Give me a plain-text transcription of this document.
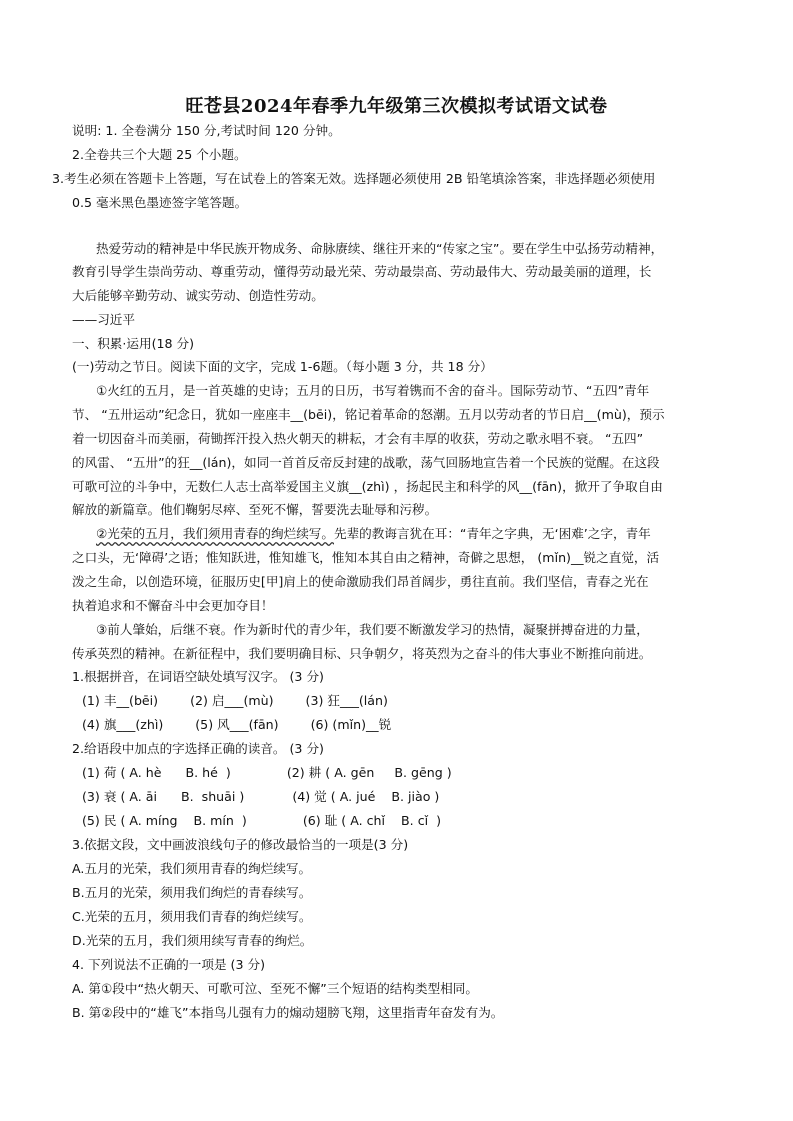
旺苍县2024年春季九年级第三次模拟考试语文试卷
说明: 1. 全卷满分 150 分,考试时间 120 分钟。
2.全卷共三个大题 25 个小题。
3.考生必须在答题卡上答题，写在试卷上的答案无效。选择题必须使用 2B 铅笔填涂答案，非选择题必须使用
0.5 毫米黑色墨迹签字笔答题。
热爱劳动的精神是中华民族开物成务、命脉赓续、继往开来的“传家之宝”。要在学生中弘扬劳动精神，
教育引导学生崇尚劳动、尊重劳动，懂得劳动最光荣、劳动最崇高、劳动最伟大、劳动最美丽的道理，长
大后能够辛勤劳动、诚实劳动、创造性劳动。
——习近平
一、积累·运用(18 分)
(一)劳动之节日。阅读下面的文字，完成 1-6题。（每小题 3 分，共 18 分）
①火红的五月，是一首英雄的史诗；五月的日历，书写着镌而不舍的奋斗。国际劳动节、“五四”青年
节、 “五卅运动”纪念日，犹如一座座丰__(bēi)，铭记着革命的怒潮。五月以劳动者的节日启__(mù)，预示
着一切因奋斗而美丽，荷锄挥汗投入热火朝天的耕耘，才会有丰厚的收获，劳动之歌永唱不衰。 “五四”
的风雷、 “五卅”的狂__(lán)，如同一首首反帝反封建的战歌，荡气回肠地宣告着一个民族的觉醒。在这段
可歌可泣的斗争中，无数仁人志士高举爱国主义旗__(zhì) ，扬起民主和科学的风__(fān)，掀开了争取自由
解放的新篇章。他们鞠躬尽瘁、至死不懈，誓要洗去耻辱和污秽。
②光荣的五月，我们须用青春的绚烂续写。先辈的教诲言犹在耳：“青年之字典，无‘困难’之字，青年
之口头，无‘障碍’之语；惟知跃进，惟知雄飞，惟知本其自由之精神，奇僻之思想， (mǐn)__锐之直觉，活
泼之生命，以创造环境，征服历史[甲]肩上的使命激励我们昂首阔步，勇往直前。我们坚信，青春之光在
执着追求和不懈奋斗中会更加夺目！
③前人肇始，后继不衰。作为新时代的青少年，我们要不断激发学习的热情，凝聚拼搏奋进的力量，
传承英烈的精神。在新征程中，我们要明确目标、只争朝夕，将英烈为之奋斗的伟大事业不断推向前进。
1.根据拼音，在词语空缺处填写汉字。 (3 分)
(1) 丰__(bēi)        (2) 启___(mù)        (3) 狂___(lán)
(4) 旗___(zhì)        (5) 风___(fān)        (6) (mǐn)__锐
2.给语段中加点的字选择正确的读音。 (3 分)
(1) 荷 ( A. hè      B. hé  )              (2) 耕 ( A. gēn     B. gēng )
(3) 衰 ( A. āi      B.  shuāi )            (4) 觉 ( A. jué    B. jiào )
(5) 民 ( A. míng    B. mín  )              (6) 耻 ( A. chǐ    B. cǐ  )
3.依据文段，文中画波浪线句子的修改最恰当的一项是(3 分)
A.五月的光荣，我们须用青春的绚烂续写。
B.五月的光荣，须用我们绚烂的青春续写。
C.光荣的五月，须用我们青春的绚烂续写。
D.光荣的五月，我们须用续写青春的绚烂。
4. 下列说法不正确的一项是 (3 分)
A. 第①段中“热火朝天、可歌可泣、至死不懈”三个短语的结构类型相同。
B. 第②段中的“雄飞”本指鸟儿强有力的煽动翅膀飞翔，这里指青年奋发有为。
